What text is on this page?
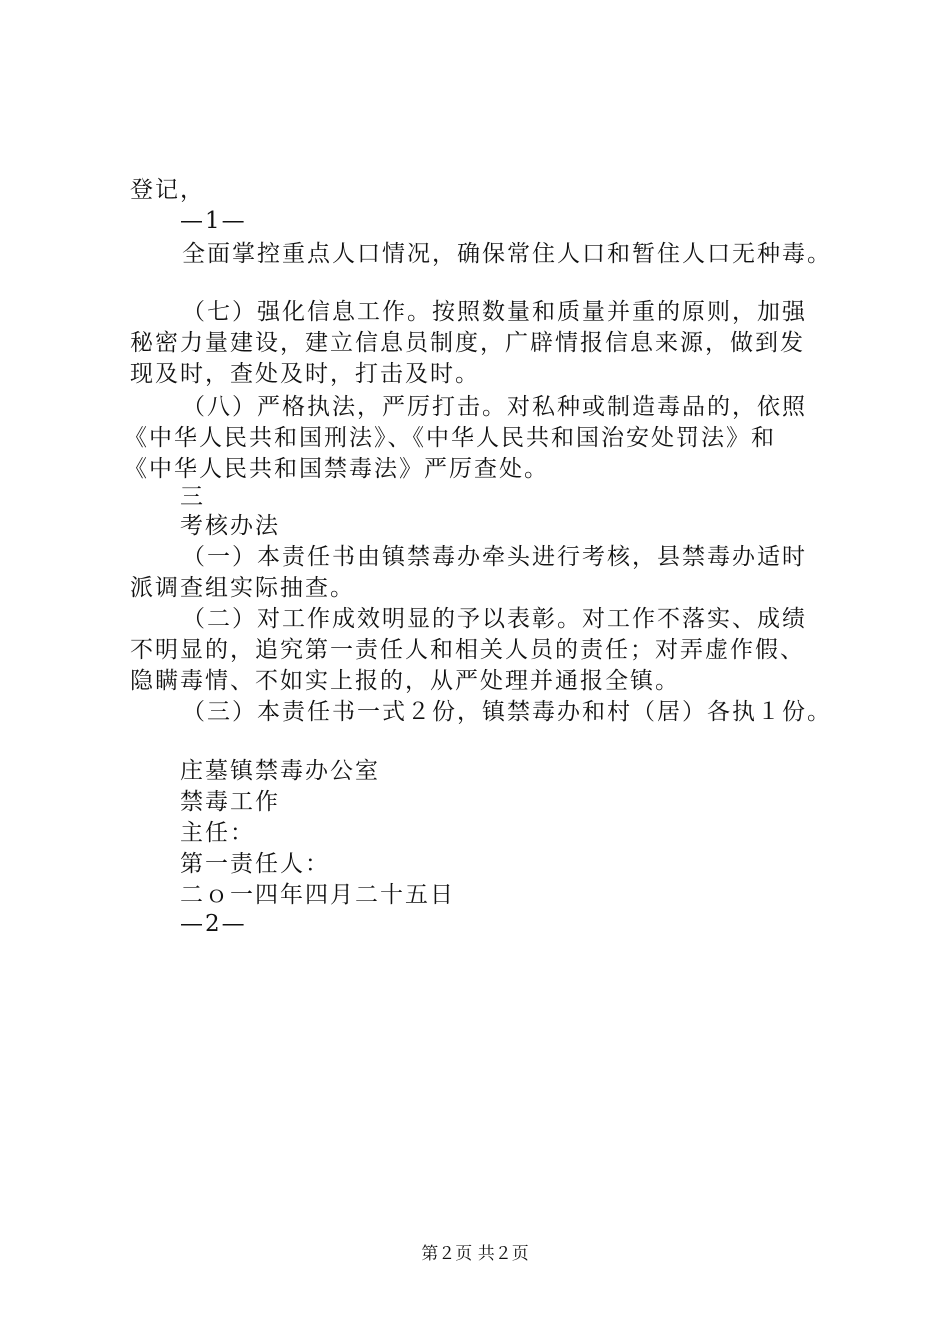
登记，
—1—
全面掌控重点人口情况，确保常住人口和暂住人口无种毒。
（七）强化信息工作。按照数量和质量并重的原则，加强
秘密力量建设，建立信息员制度，广辟情报信息来源，做到发
现及时，查处及时，打击及时。
（八）严格执法，严厉打击。对私种或制造毒品的，依照
《中华人民共和国刑法》、《中华人民共和国治安处罚法》和
《中华人民共和国禁毒法》严厉查处。
三
考核办法
（一）本责任书由镇禁毒办牵头进行考核，县禁毒办适时
派调查组实际抽查。
（二）对工作成效明显的予以表彰。对工作不落实、成绩
不明显的，追究第一责任人和相关人员的责任；对弄虚作假、
隐瞒毒情、不如实上报的，从严处理并通报全镇。
（三）本责任书一式２份，镇禁毒办和村（居）各执１份。
庄墓镇禁毒办公室
禁毒工作
主任：
第一责任人：
二ｏ一四年四月二十五日
—2—
第２页 共２页
